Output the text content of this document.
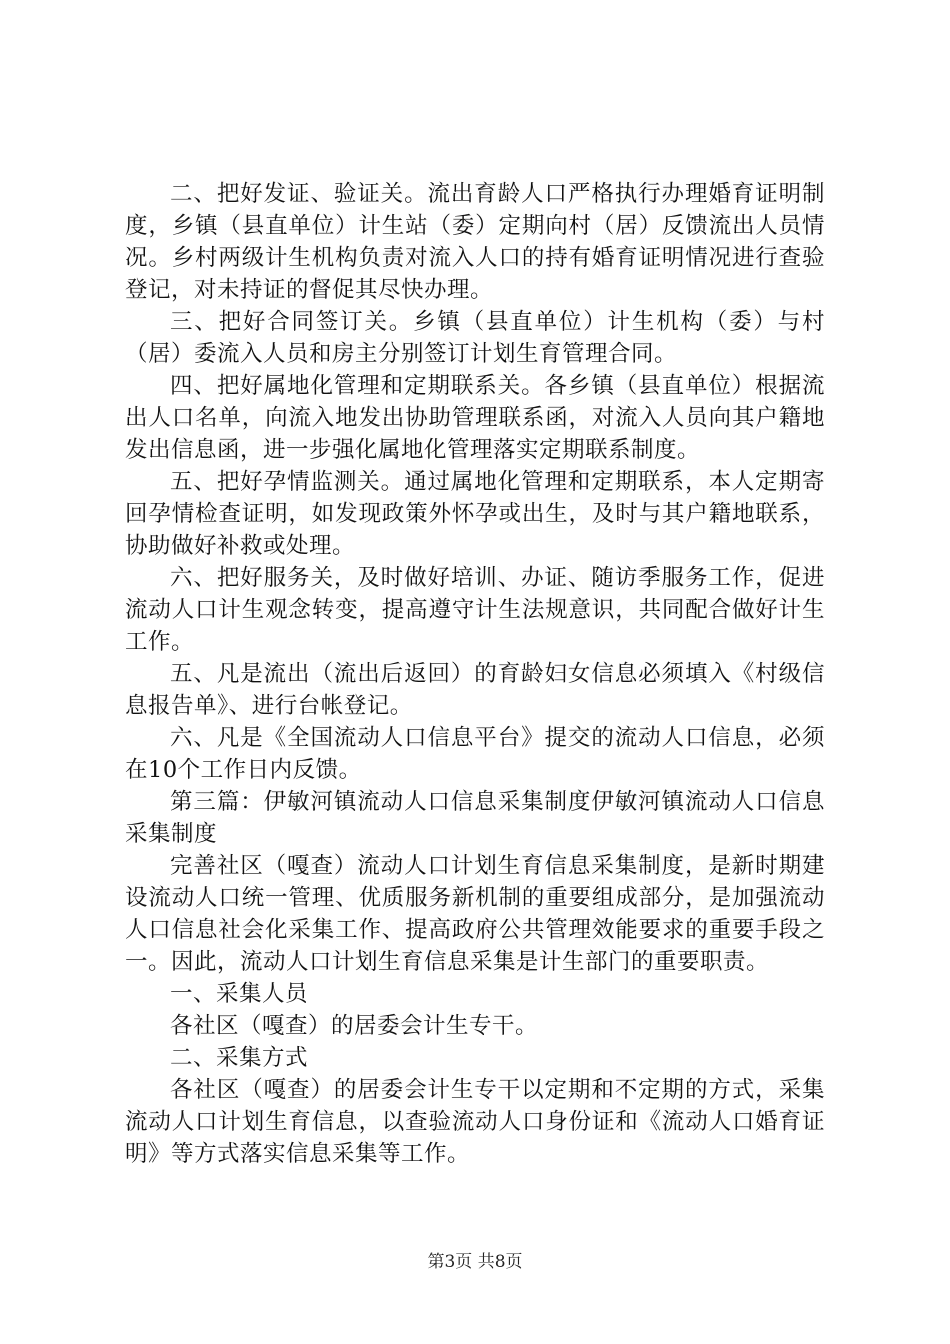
二、把好发证、验证关。流出育龄人口严格执行办理婚育证明制度，乡镇（县直单位）计生站（委）定期向村（居）反馈流出人员情况。乡村两级计生机构负责对流入人口的持有婚育证明情况进行查验登记，对未持证的督促其尽快办理。

三、把好合同签订关。乡镇（县直单位）计生机构（委）与村（居）委流入人员和房主分别签订计划生育管理合同。

四、把好属地化管理和定期联系关。各乡镇（县直单位）根据流出人口名单，向流入地发出协助管理联系函，对流入人员向其户籍地发出信息函，进一步强化属地化管理落实定期联系制度。

五、把好孕情监测关。通过属地化管理和定期联系，本人定期寄回孕情检查证明，如发现政策外怀孕或出生，及时与其户籍地联系，协助做好补救或处理。

六、把好服务关，及时做好培训、办证、随访季服务工作，促进流动人口计生观念转变，提高遵守计生法规意识，共同配合做好计生工作。

五、凡是流出（流出后返回）的育龄妇女信息必须填入《村级信息报告单》、进行台帐登记。

六、凡是《全国流动人口信息平台》提交的流动人口信息，必须在10个工作日内反馈。

第三篇：伊敏河镇流动人口信息采集制度伊敏河镇流动人口信息采集制度

完善社区（嘎查）流动人口计划生育信息采集制度，是新时期建设流动人口统一管理、优质服务新机制的重要组成部分，是加强流动人口信息社会化采集工作、提高政府公共管理效能要求的重要手段之一。因此，流动人口计划生育信息采集是计生部门的重要职责。

一、采集人员

各社区（嘎查）的居委会计生专干。

二、采集方式

各社区（嘎查）的居委会计生专干以定期和不定期的方式，采集流动人口计划生育信息，以查验流动人口身份证和《流动人口婚育证明》等方式落实信息采集等工作。

第3页 共8页
